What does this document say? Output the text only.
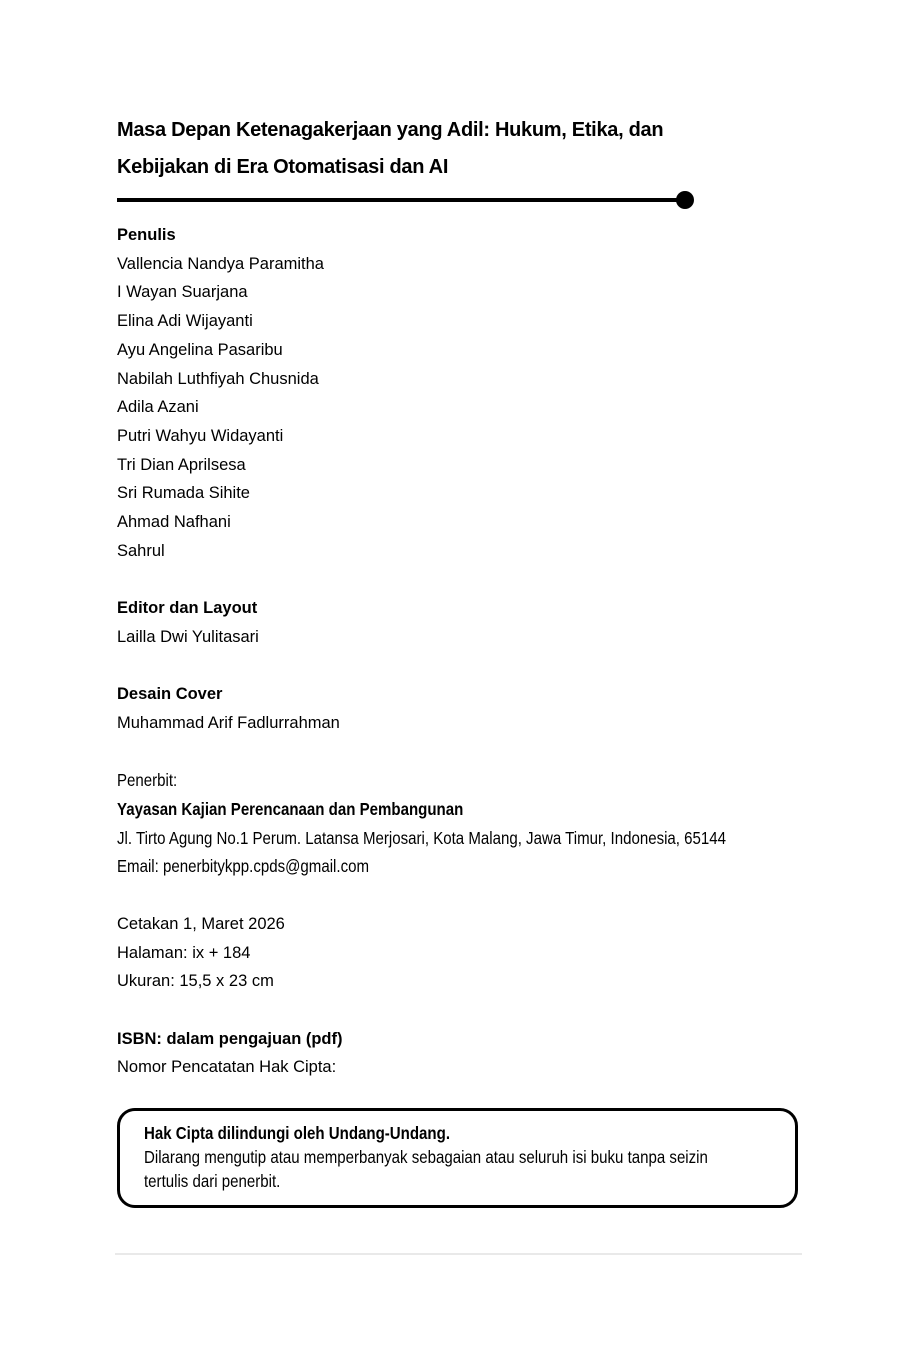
Masa Depan Ketenagakerjaan yang Adil: Hukum, Etika, dan
Kebijakan di Era Otomatisasi dan AI
Penulis
Vallencia Nandya Paramitha
I Wayan Suarjana
Elina Adi Wijayanti
Ayu Angelina Pasaribu
Nabilah Luthfiyah Chusnida
Adila Azani
Putri Wahyu Widayanti
Tri Dian Aprilsesa
Sri Rumada Sihite
Ahmad Nafhani
Sahrul
Editor dan Layout
Lailla Dwi Yulitasari
Desain Cover
Muhammad Arif Fadlurrahman
Penerbit:
Yayasan Kajian Perencanaan dan Pembangunan
Jl. Tirto Agung No.1 Perum. Latansa Merjosari, Kota Malang, Jawa Timur, Indonesia, 65144
Email: penerbitykpp.cpds@gmail.com
Cetakan 1, Maret 2026
Halaman: ix + 184
Ukuran: 15,5 x 23 cm
ISBN: dalam pengajuan (pdf)
Nomor Pencatatan Hak Cipta:
Hak Cipta dilindungi oleh Undang-Undang.
Dilarang mengutip atau memperbanyak sebagaian atau seluruh isi buku tanpa seizin
tertulis dari penerbit.
